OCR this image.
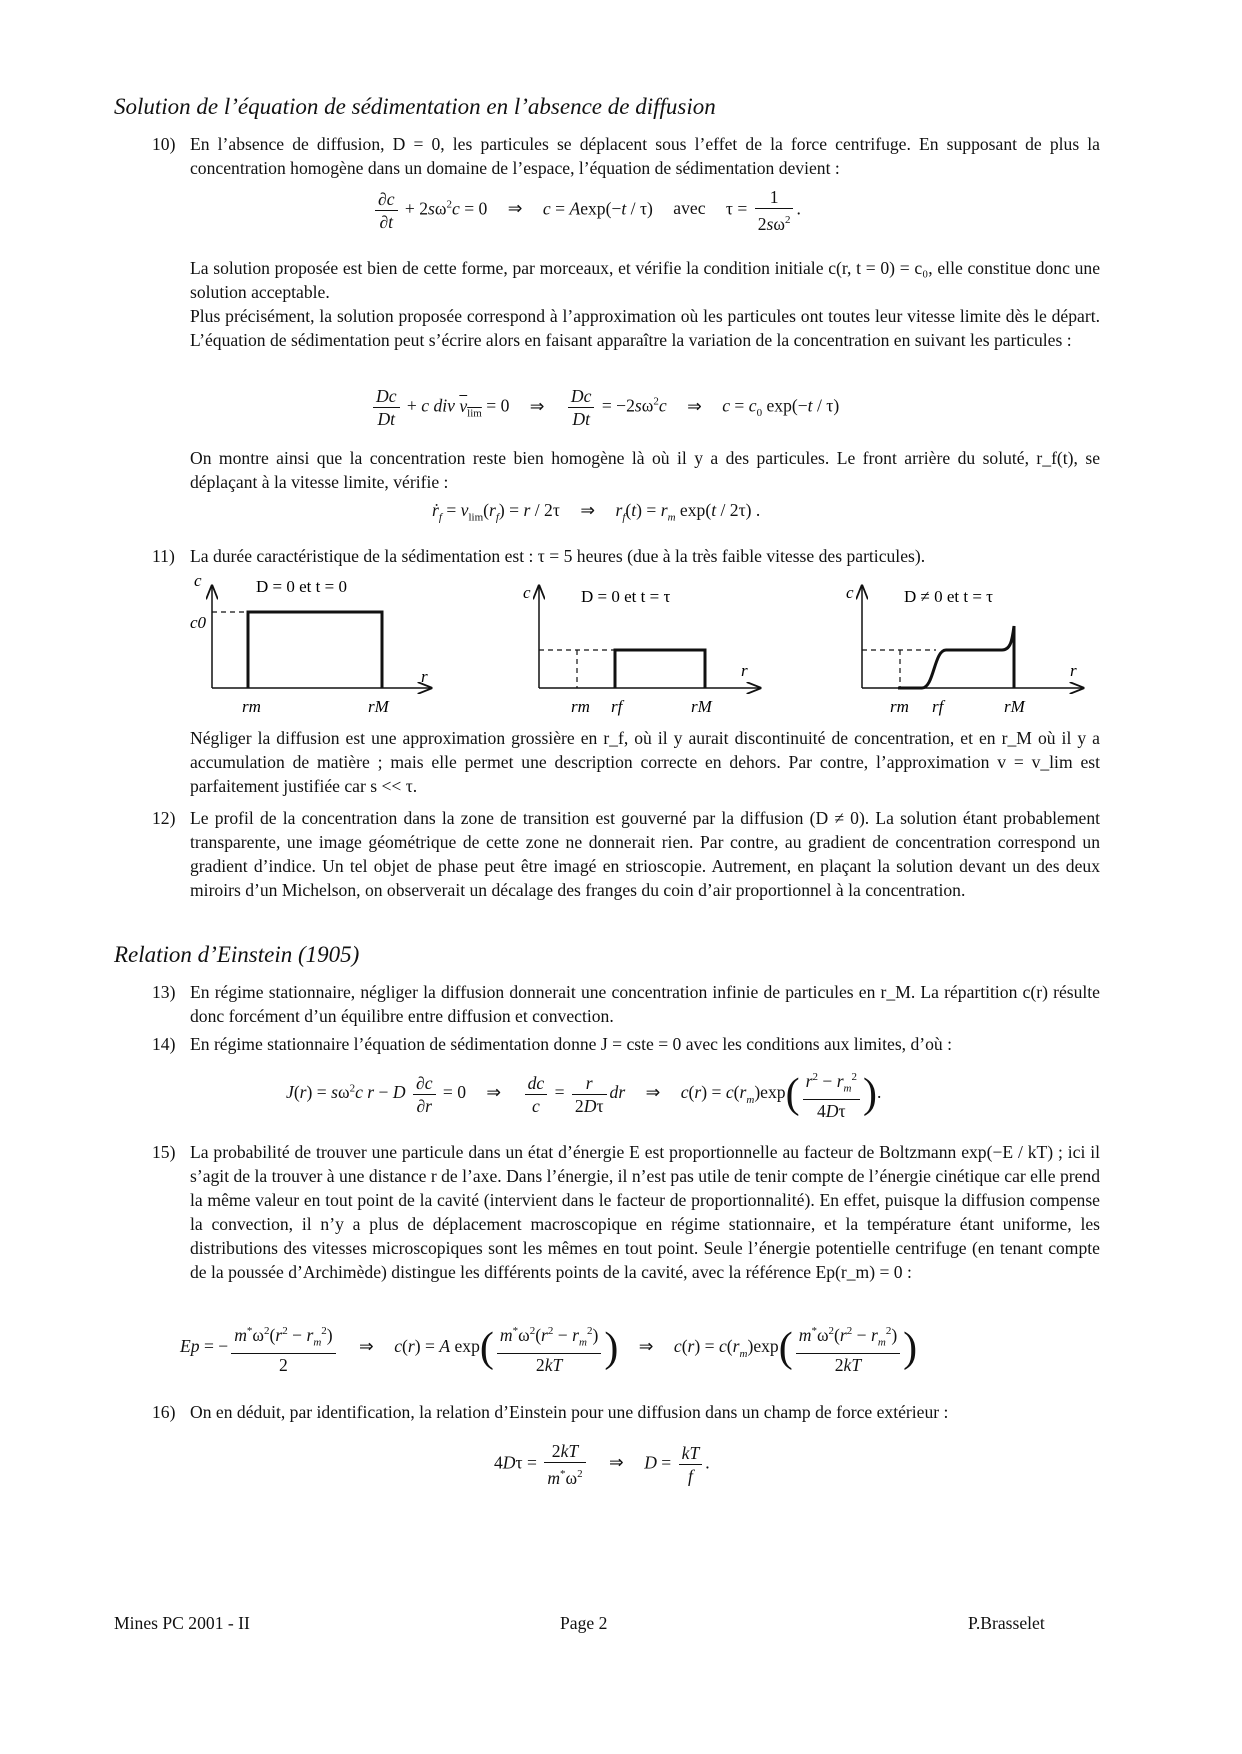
Solution de l’équation de sédimentation en l’absence de diffusion
10) En l’absence de diffusion, D = 0, les particules se déplacent sous l’effet de la force centrifuge. En supposant de plus la concentration homogène dans un domaine de l’espace, l’équation de sédimentation devient :

$\frac{\partial c}{\partial t} + 2s\omega^2c = 0$ ⇒ c = Aexp(−t / τ) avec $\tau = \frac{1}{2s\omega^2}$ .

La solution proposée est bien de cette forme, par morceaux, et vérifie la condition initiale c(r, t = 0) = c₀, elle constitue donc une solution acceptable.

Plus précisément, la solution proposée correspond à l’approximation où les particules ont toutes leur vitesse limite dès le départ. L’équation de sédimentation peut s’écrire alors en faisant apparaître la variation de la concentration en suivant les particules :

$\frac{Dc}{Dt} + c$ div $v_{lim} = 0$ ⇒ $\frac{Dc}{Dt} = -2s\omega^2c$ ⇒ $c = c_0$ exp(−t / τ)

On montre ainsi que la concentration reste bien homogène là où il y a des particules. Le front arrière du soluté, r_f(t), se déplaçant à la vitesse limite, vérifie :

ṙ$_f$ = $v_{lim}(r_f) = r / 2\tau$ ⇒ $r_f(t) = r_m$ exp(t / 2τ) .
11) La durée caractéristique de la sédimentation est : τ = 5 heures (due à la très faible vitesse des particules).

c
c0
D = 0 et t = 0
r
rm	rM
c	D = 0 et t = τ
r
rm rf	rM
c	D ≠ 0 et t = τ
r
rm rf	rM

Négliger la diffusion est une approximation grossière en r_f, où il y aurait discontinuité de concentration, et en r_M où il y a accumulation de matière ; mais elle permet une description correcte en dehors. Par contre, l’approximation v = v_lim est parfaitement justifiée car s << τ.

12) Le profil de la concentration dans la zone de transition est gouverné par la diffusion (D ≠ 0). La solution étant probablement transparente, une image géométrique de cette zone ne donnerait rien. Par contre, au gradient de concentration correspond un gradient d’indice. Un tel objet de phase peut être imagé en strioscopie. Autrement, en plaçant la solution devant un des deux miroirs d’un Michelson, on observerait un décalage des franges du coin d’air proportionnel à la concentration.

Relation d’Einstein (1905)
13) En régime stationnaire, négliger la diffusion donnerait une concentration infinie de particules en r_M. La répartition c(r) résulte donc forcément d’un équilibre entre diffusion et convection.

14) En régime stationnaire l’équation de sédimentation donne J = cste = 0 avec les conditions aux limites, d’où :

$J(r) = s\omega^2c$ r − D $\frac{\partial c}{\partial r} = 0$ ⇒ $\frac{dc}{c} = \frac{r}{2D\tau}$ dr ⇒ $c(r) = c(r_m)\exp( \frac{r^2 - r_m^2}{4D\tau}$ ).
15) La probabilité de trouver une particule dans un état d’énergie E est proportionnelle au facteur de Boltzmann exp(−E / kT) ; ici il s’agit de la trouver à une distance r de l’axe. Dans l’énergie, il n’est pas utile de tenir compte de l’énergie cinétique car elle prend la même valeur en tout point de la cavité (intervient dans le facteur de proportionnalité). En effet, puisque la diffusion compense la convection, il n’y a plus de déplacement macroscopique en régime stationnaire, et la température étant uniforme, les distributions des vitesses microscopiques sont les mêmes en tout point. Seule l’énergie potentielle centrifuge (en tenant compte de la poussée d’Archimède) distingue les différents points de la cavité, avec la référence Ep(r_m) = 0 :

Ep = − $\frac{m^*\omega^2(r^2 - r_m^2)}{2}$ ⇒ c(r) = A $\exp( \frac{m^*\omega^2(r^2 - r_m^2)}{2kT}$ ) ⇒ $c(r) = c(r_m)\exp( \frac{m^*\omega^2(r^2 - r_m^2)}{2kT}$ )
16) On en déduit, par identification, la relation d’Einstein pour une diffusion dans un champ de force extérieur :

$4D\tau = \frac{2kT}{m^*\omega^2}$ ⇒ $D = \frac{kT}{f}$ .
Mines PC 2001 - II	Page 2	P.Brasselet
